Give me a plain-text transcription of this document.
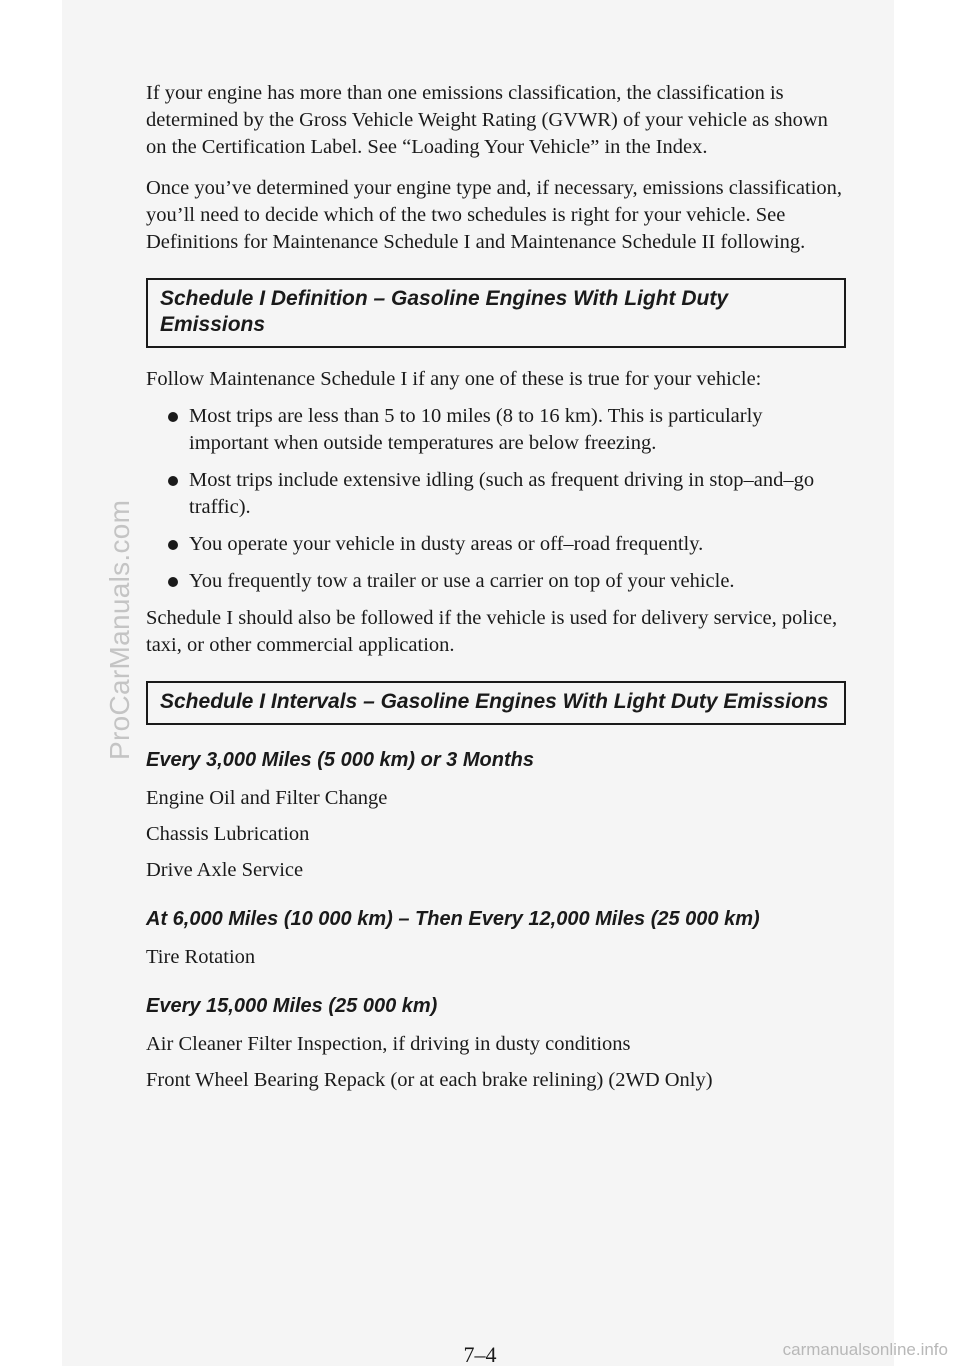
ProCarManuals.com

If your engine has more than one emissions classification, the classification is determined by the Gross Vehicle Weight Rating (GVWR) of your vehicle as shown on the Certification Label. See “Loading Your Vehicle” in the Index.

Once you’ve determined your engine type and, if necessary, emissions classification, you’ll need to decide which of the two schedules is right for your vehicle. See Definitions for Maintenance Schedule I and Maintenance Schedule II following.

Schedule I Definition – Gasoline Engines With Light Duty Emissions

Follow Maintenance Schedule I if any one of these is true for your vehicle:

Most trips are less than 5 to 10 miles (8 to 16 km). This is particularly important when outside temperatures are below freezing.
Most trips include extensive idling (such as frequent driving in stop–and–go traffic).
You operate your vehicle in dusty areas or off–road frequently.
You frequently tow a trailer or use a carrier on top of your vehicle.

Schedule I should also be followed if the vehicle is used for delivery service, police, taxi, or other commercial application.

Schedule I Intervals – Gasoline Engines With Light Duty Emissions
Every 3,000 Miles (5 000 km) or 3 Months

Engine Oil and Filter Change

Chassis Lubrication

Drive Axle Service

At 6,000 Miles (10 000 km) – Then Every 12,000 Miles (25 000 km)

Tire Rotation

Every 15,000 Miles (25 000 km)

Air Cleaner Filter Inspection, if driving in dusty conditions

Front Wheel Bearing Repack (or at each brake relining) (2WD Only)

7–4	carmanualsonline.info
